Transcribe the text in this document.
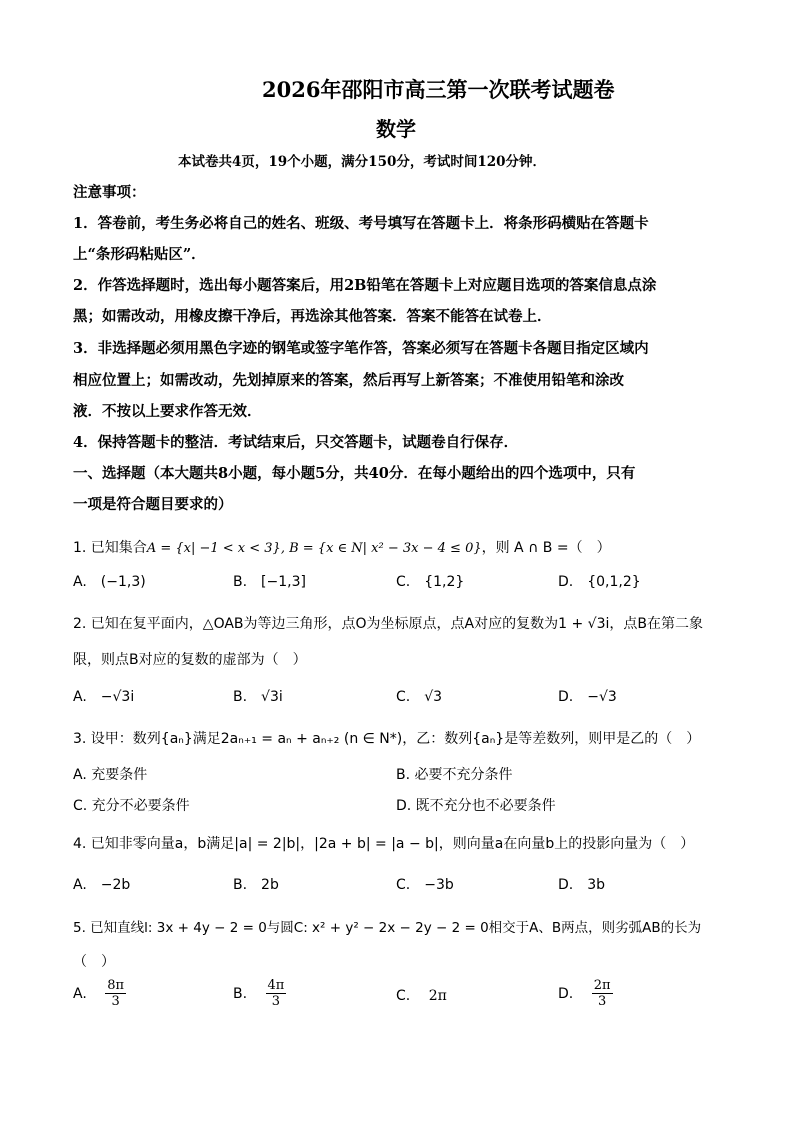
2026年邵阳市高三第一次联考试题卷
数学
本试卷共4页，19个小题，满分150分，考试时间120分钟．
注意事项：
1．答卷前，考生务必将自己的姓名、班级、考号填写在答题卡上．将条形码横贴在答题卡
上“条形码粘贴区”．
2．作答选择题时，选出每小题答案后，用2B铅笔在答题卡上对应题目选项的答案信息点涂
黑；如需改动，用橡皮擦干净后，再选涂其他答案．答案不能答在试卷上．
3．非选择题必须用黑色字迹的钢笔或签字笔作答，答案必须写在答题卡各题目指定区域内
相应位置上；如需改动，先划掉原来的答案，然后再写上新答案；不准使用铅笔和涂改
液．不按以上要求作答无效．
4．保持答题卡的整洁．考试结束后，只交答题卡，试题卷自行保存．
一、选择题（本大题共8小题，每小题5分，共40分．在每小题给出的四个选项中，只有
一项是符合题目要求的）
1. 已知集合A = {x| −1 < x < 3}, B = {x ∈ N| x² − 3x − 4 ≤ 0}，则 A ∩ B =（　）
A.　(−1,3)	B.　[−1,3]	C.　{1,2}	D.　{0,1,2}
2. 已知在复平面内，△OAB为等边三角形，点O为坐标原点，点A对应的复数为1 + √3i，点B在第二象
限，则点B对应的复数的虚部为（　）
A.　−√3i	B.　√3i	C.　√3	D.　−√3
3. 设甲：数列{aₙ}满足2aₙ₊₁ = aₙ + aₙ₊₂ (n ∈ N*)，乙：数列{aₙ}是等差数列，则甲是乙的（　）
A. 充要条件	B. 必要不充分条件
C. 充分不必要条件	D. 既不充分也不必要条件
4. 已知非零向量a，b满足|a| = 2|b|，|2a + b| = |a − b|，则向量a在向量b上的投影向量为（　）
A.　−2b	B.　2b	C.　−3b	D.　3b
5. 已知直线l: 3x + 4y − 2 = 0与圆C: x² + y² − 2x − 2y − 2 = 0相交于A、B两点，则劣弧AB的长为
（　）
A. $\frac{8\pi}{3}$	B. $\frac{4\pi}{3}$	C. 2π	D. $\frac{2\pi}{3}$
